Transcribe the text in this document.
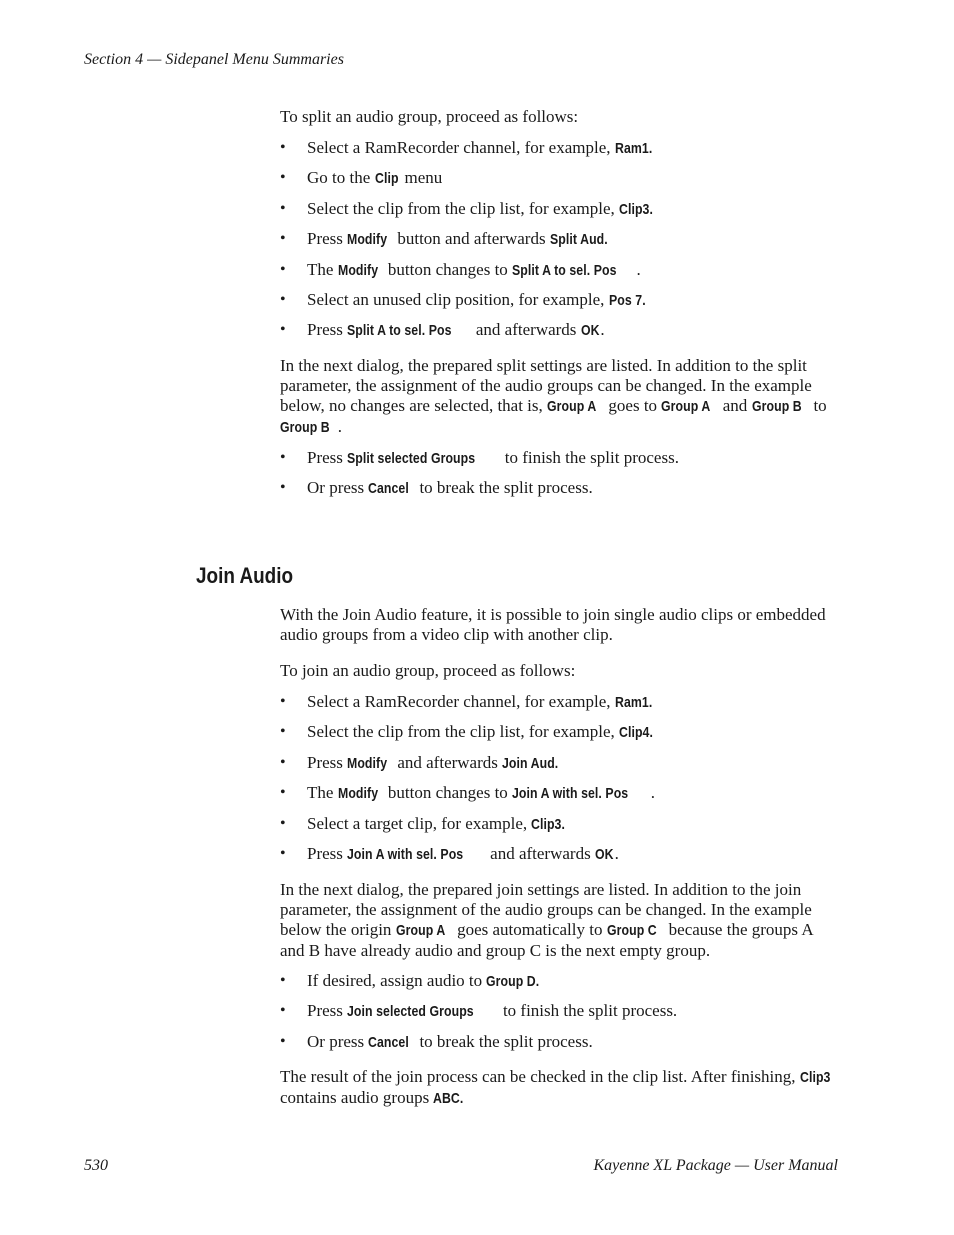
Section 4 — Sidepanel Menu Summaries

To split an audio group, proceed as follows:

• Select a RamRecorder channel, for example, Ram1.
• Go to the Clip menu
• Select the clip from the clip list, for example, Clip3.
• Press Modify button and afterwards Split Aud.
• The Modify button changes to Split A to sel. Pos .
• Select an unused clip position, for example, Pos 7.
• Press Split A to sel. Pos and afterwards OK.

In the next dialog, the prepared split settings are listed. In addition to the split parameter, the assignment of the audio groups can be changed. In the example below, no changes are selected, that is, Group A goes to Group A and Group B to Group B .

• Press Split selected Groups to finish the split process.
• Or press Cancel to break the split process.
Join Audio

With the Join Audio feature, it is possible to join single audio clips or embedded audio groups from a video clip with another clip.

To join an audio group, proceed as follows:

• Select a RamRecorder channel, for example, Ram1.
• Select the clip from the clip list, for example, Clip4.
• Press Modify and afterwards Join Aud.
• The Modify button changes to Join A with sel. Pos .
• Select a target clip, for example, Clip3.
• Press Join A with sel. Pos and afterwards OK.

In the next dialog, the prepared join settings are listed. In addition to the join parameter, the assignment of the audio groups can be changed. In the example below the origin Group A goes automatically to Group C because the groups A and B have already audio and group C is the next empty group.

• If desired, assign audio to Group D.
• Press Join selected Groups to finish the split process.
• Or press Cancel to break the split process.

The result of the join process can be checked in the clip list. After finishing, Clip3 contains audio groups ABC.

530	Kayenne XL Package — User Manual
